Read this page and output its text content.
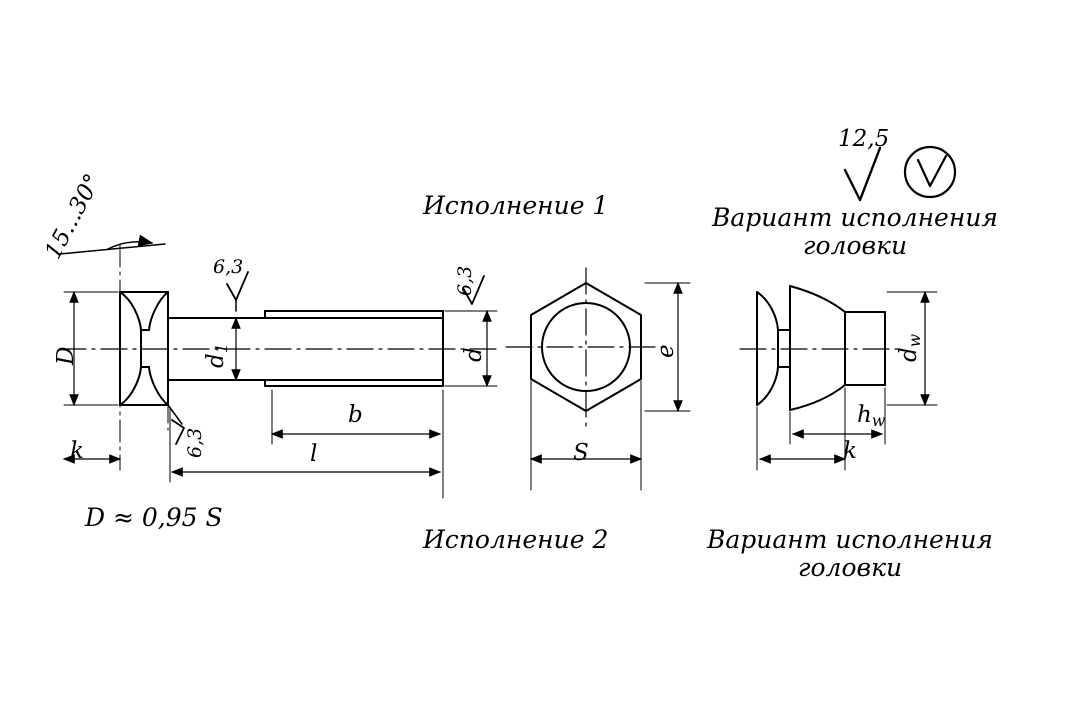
Исполнение 1
Исполнение 2
Вариант исполнения
головки
Вариант исполнения
головки
12,5
6,3	6,3
6,3
15...30°
D ≈ 0,95 S
D
k
$d_1$	d
b
l	S
e	$d_w$
$h_w$
k
